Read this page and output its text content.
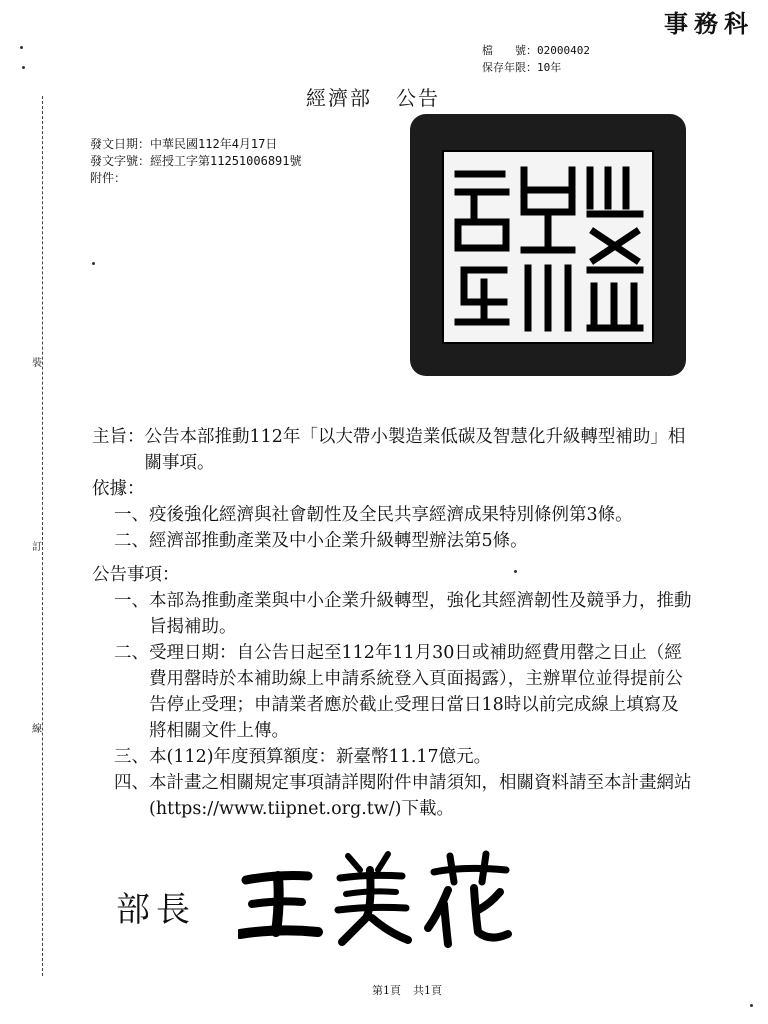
事務科
檔　　號：02000402
保存年限：10年
經濟部 公告
發文日期：中華民國112年4月17日
發文字號：經授工字第11251006891號
附件：
裝
訂
線
主旨： 公告本部推動112年「以大帶小製造業低碳及智慧化升級轉型補助」相關事項。
依據：
一、 疫後強化經濟與社會韌性及全民共享經濟成果特別條例第3條。
二、 經濟部推動產業及中小企業升級轉型辦法第5條。
公告事項：
一、 本部為推動產業與中小企業升級轉型，強化其經濟韌性及競爭力，推動旨揭補助。
二、 受理日期：自公告日起至112年11月30日或補助經費用罄之日止（經費用罄時於本補助線上申請系統登入頁面揭露），主辦單位並得提前公告停止受理；申請業者應於截止受理日當日18時以前完成線上填寫及將相關文件上傳。
三、 本(112)年度預算額度：新臺幣11.17億元。
四、 本計畫之相關規定事項請詳閱附件申請須知，相關資料請至本計畫網站(https://www.tiipnet.org.tw/)下載。
部長
第1頁 共1頁
